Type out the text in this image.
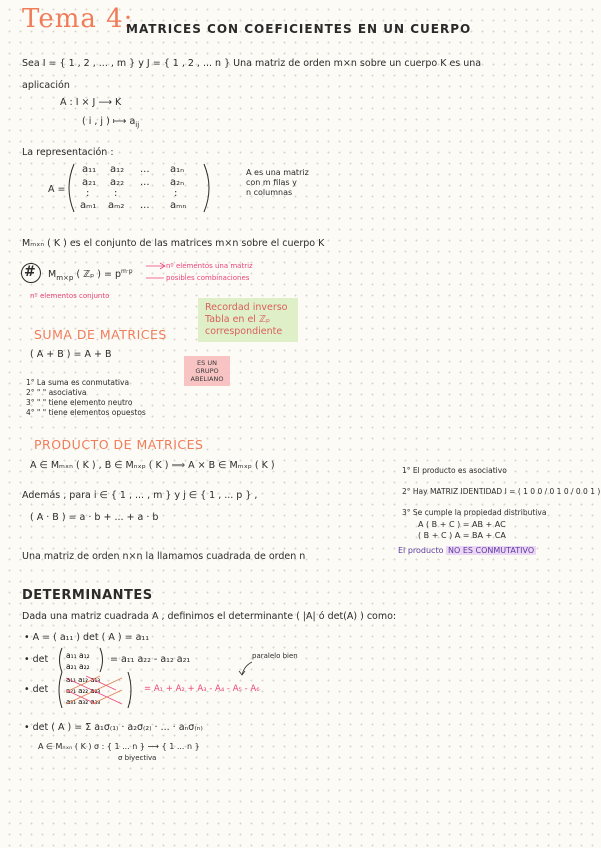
Tema 4:
MATRICES CON COEFICIENTES EN UN CUERPO
Sea I = { 1 , 2 , ... , m } y J = { 1 , 2 , ... n } Una matriz de orden m×n sobre un cuerpo K es una
aplicación
A : I × J ⟶ K
( i , j ) ⟼ $a_{ij}$
La representación :
A =
a₁₁ a₁₂ ... a₁ₙ
a₂₁ a₂₂ ... a₂ₙ
: :	:
aₘ₁ aₘ₂ ... aₘₙ
A es una matriz
con m filas y
n columnas
Mₘₓₙ ( K ) es el conjunto de las matrices m×n sobre el cuerpo K
# $M_{m\times p}$ ( ℤₚ ) = $p^{m\cdot p}$
nº elementos una matriz
posibles combinaciones
nº elementos conjunto
Recordad inverso Tabla en el ℤₚ correspondiente
SUMA DE MATRICES
( A + B ) = A + B
1° La suma es conmutativa
2° " " asociativa
3° " " tiene elemento neutro
4° " " tiene elementos opuestos
ES UN GRUPO ABELIANO
PRODUCTO DE MATRICES
A ∈ Mₘₓₙ ( K ) , B ∈ Mₙₓₚ ( K ) ⟹ A × B ∈ Mₘₓₚ ( K )
Además , para i ∈ { 1 , ... , m } y j ∈ { 1 , ... p } ,
( A · B ) = a · b + ... + a · b
1° El producto es asociativo
2° Hay MATRIZ IDENTIDAD I = ( 1 0 0 / 0 1 0 / 0 0 1 )
3° Se cumple la propiedad distributiva
A ( B + C ) = AB + AC
( B + C ) A = BA + CA
El producto NO ES CONMUTATIVO
Una matriz de orden n×n la llamamos cuadrada de orden n
DETERMINANTES
Dada una matriz cuadrada A , definimos el determinante ( |A| ó det(A) ) como:
• A = ( a₁₁ ) det ( A ) = a₁₁
• det a₁₁ a₁₂
a₂₁ a₂₂
= a₁₁ a₂₂ - a₁₂ a₂₁	paralelo bien
• det
a₁₁ a₁₂ a₁₃
a₂₁ a₂₂ a₂₃
a₃₁ a₃₂ a₃₃
= A₁ + A₂ + A₃ - A₄ - A₅ - A₆
• det ( A ) = Σ a₁σ₍₁₎ · a₂σ₍₂₎ · ... · aₙσ₍ₙ₎
A ∈ Mₙₓₙ ( K ) σ : { 1 ... n } ⟶ { 1 ... n }
σ biyectiva
